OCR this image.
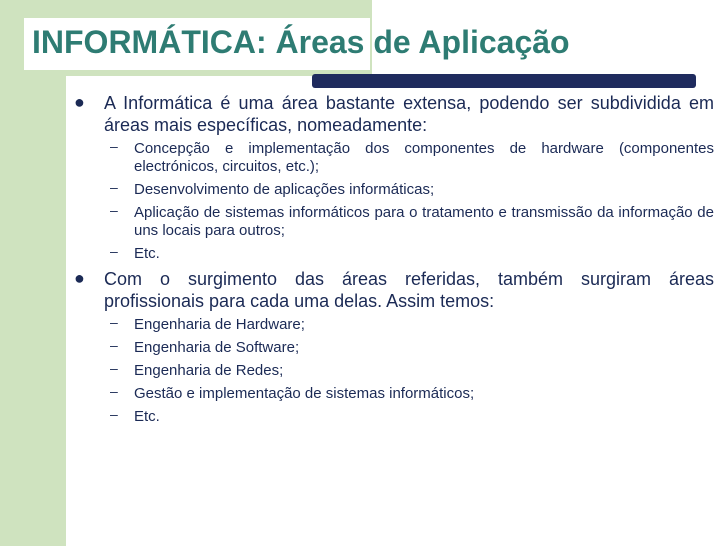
INFORMÁTICA: Áreas de Aplicação
● A Informática é uma área bastante extensa, podendo ser subdividida em áreas mais específicas, nomeadamente:
– Concepção e implementação dos componentes de hardware (componentes electrónicos, circuitos, etc.);
– Desenvolvimento de aplicações informáticas;
– Aplicação de sistemas informáticos para o tratamento e transmissão da informação de uns locais para outros;
– Etc.
● Com o surgimento das áreas referidas, também surgiram áreas profissionais para cada uma delas. Assim temos:
– Engenharia de Hardware;
– Engenharia de Software;
– Engenharia de Redes;
– Gestão e implementação de sistemas informáticos;
– Etc.
